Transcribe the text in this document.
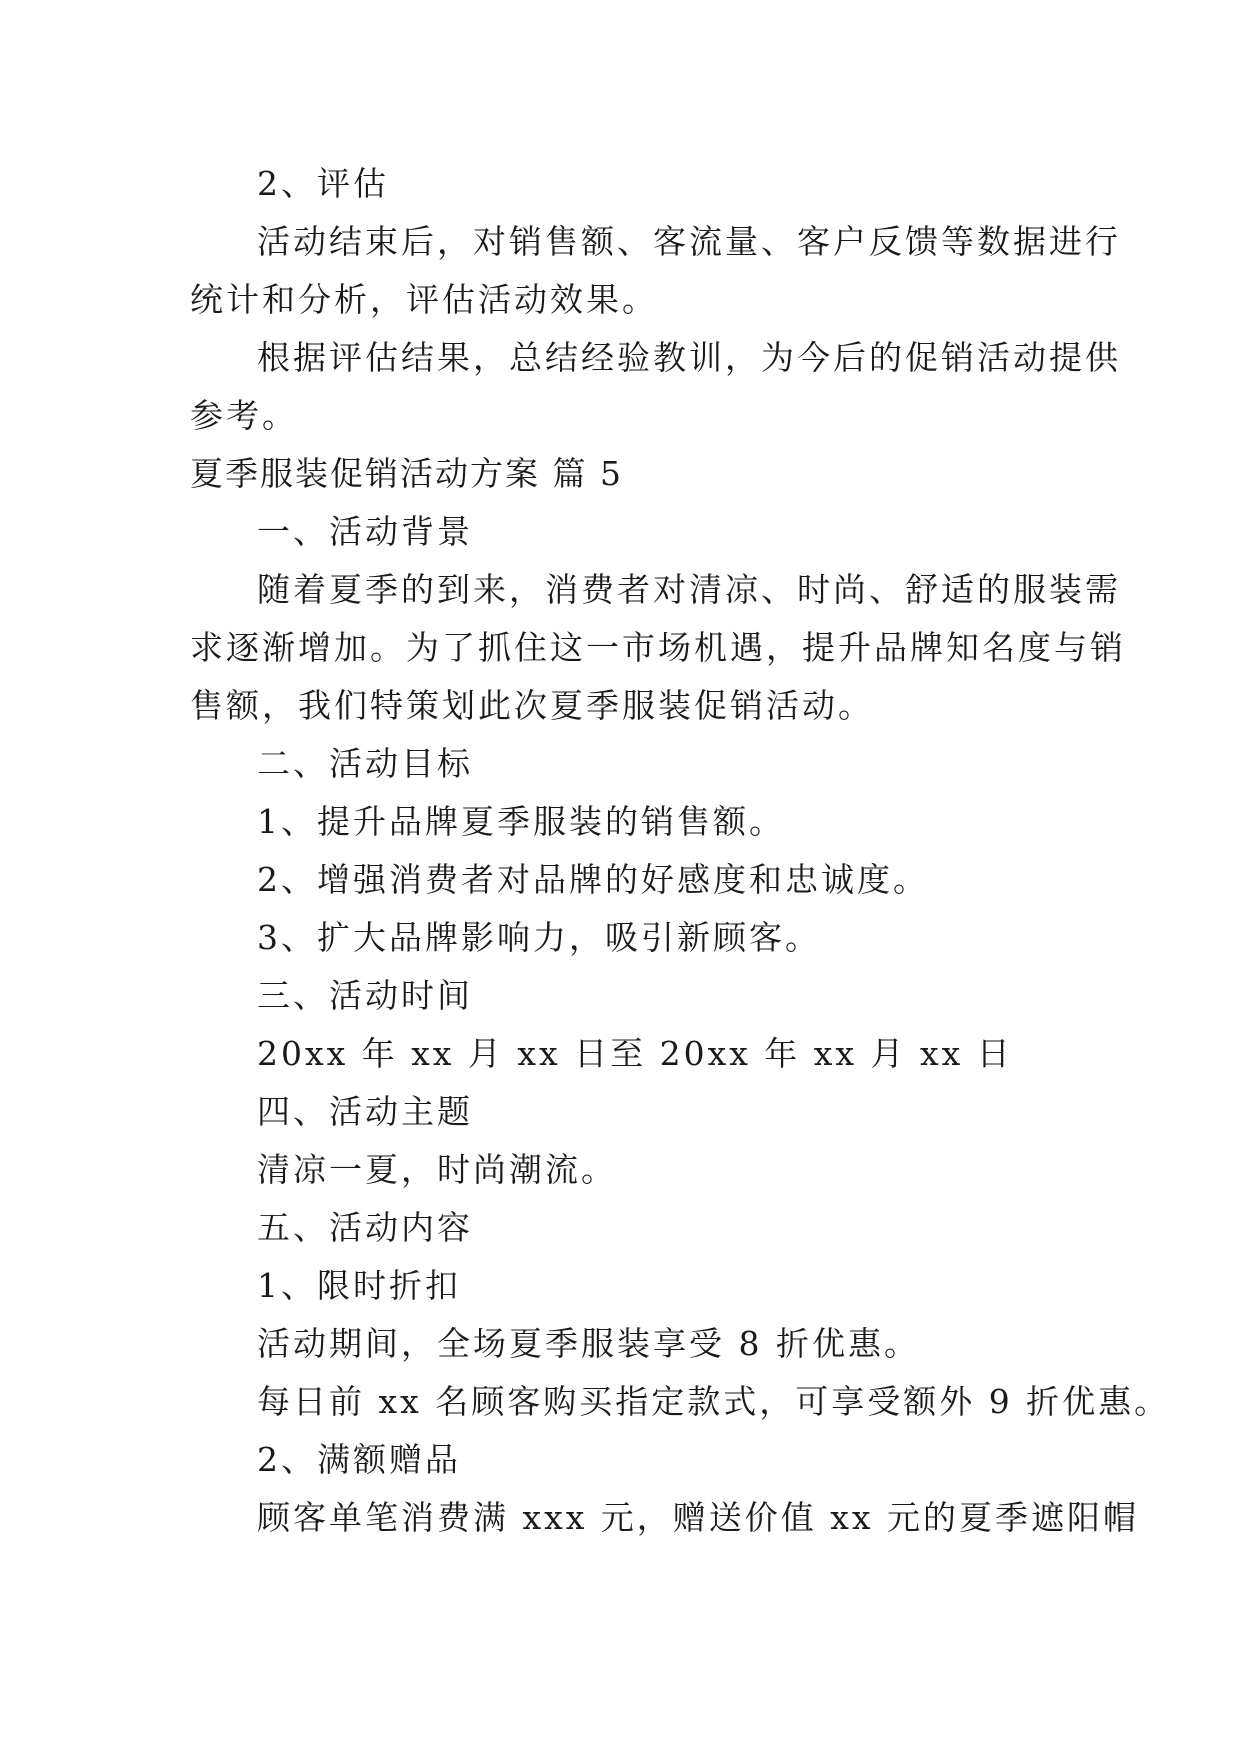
2、评估
活动结束后，对销售额、客流量、客户反馈等数据进行
统计和分析，评估活动效果。
根据评估结果，总结经验教训，为今后的促销活动提供
参考。
夏季服装促销活动方案 篇 5
一、活动背景
随着夏季的到来，消费者对清凉、时尚、舒适的服装需
求逐渐增加。为了抓住这一市场机遇，提升品牌知名度与销
售额，我们特策划此次夏季服装促销活动。
二、活动目标
1、提升品牌夏季服装的销售额。
2、增强消费者对品牌的好感度和忠诚度。
3、扩大品牌影响力，吸引新顾客。
三、活动时间
20xx 年 xx 月 xx 日至 20xx 年 xx 月 xx 日
四、活动主题
清凉一夏，时尚潮流。
五、活动内容
1、限时折扣
活动期间，全场夏季服装享受 8 折优惠。
每日前 xx 名顾客购买指定款式，可享受额外 9 折优惠。
2、满额赠品
顾客单笔消费满 xxx 元，赠送价值 xx 元的夏季遮阳帽
